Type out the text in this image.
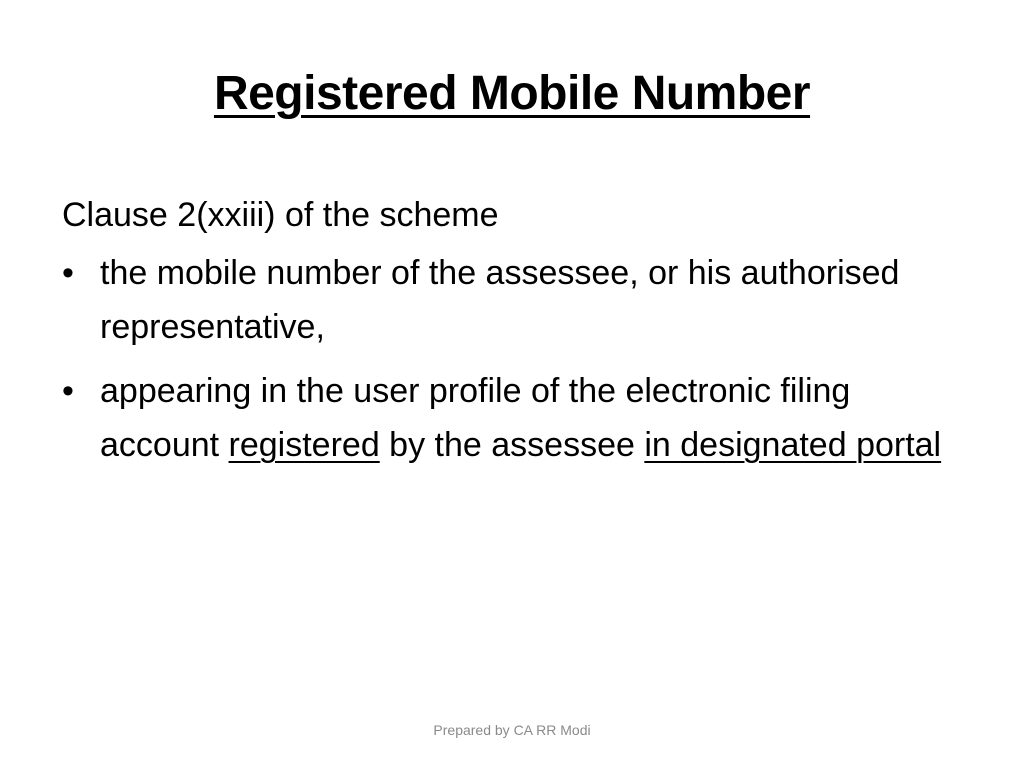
Registered Mobile Number
Clause 2(xxiii) of the scheme
• the mobile number of the assessee, or his authorised representative,
• appearing in the user profile of the electronic filing account registered by the assessee in designated portal
Prepared by CA RR Modi
